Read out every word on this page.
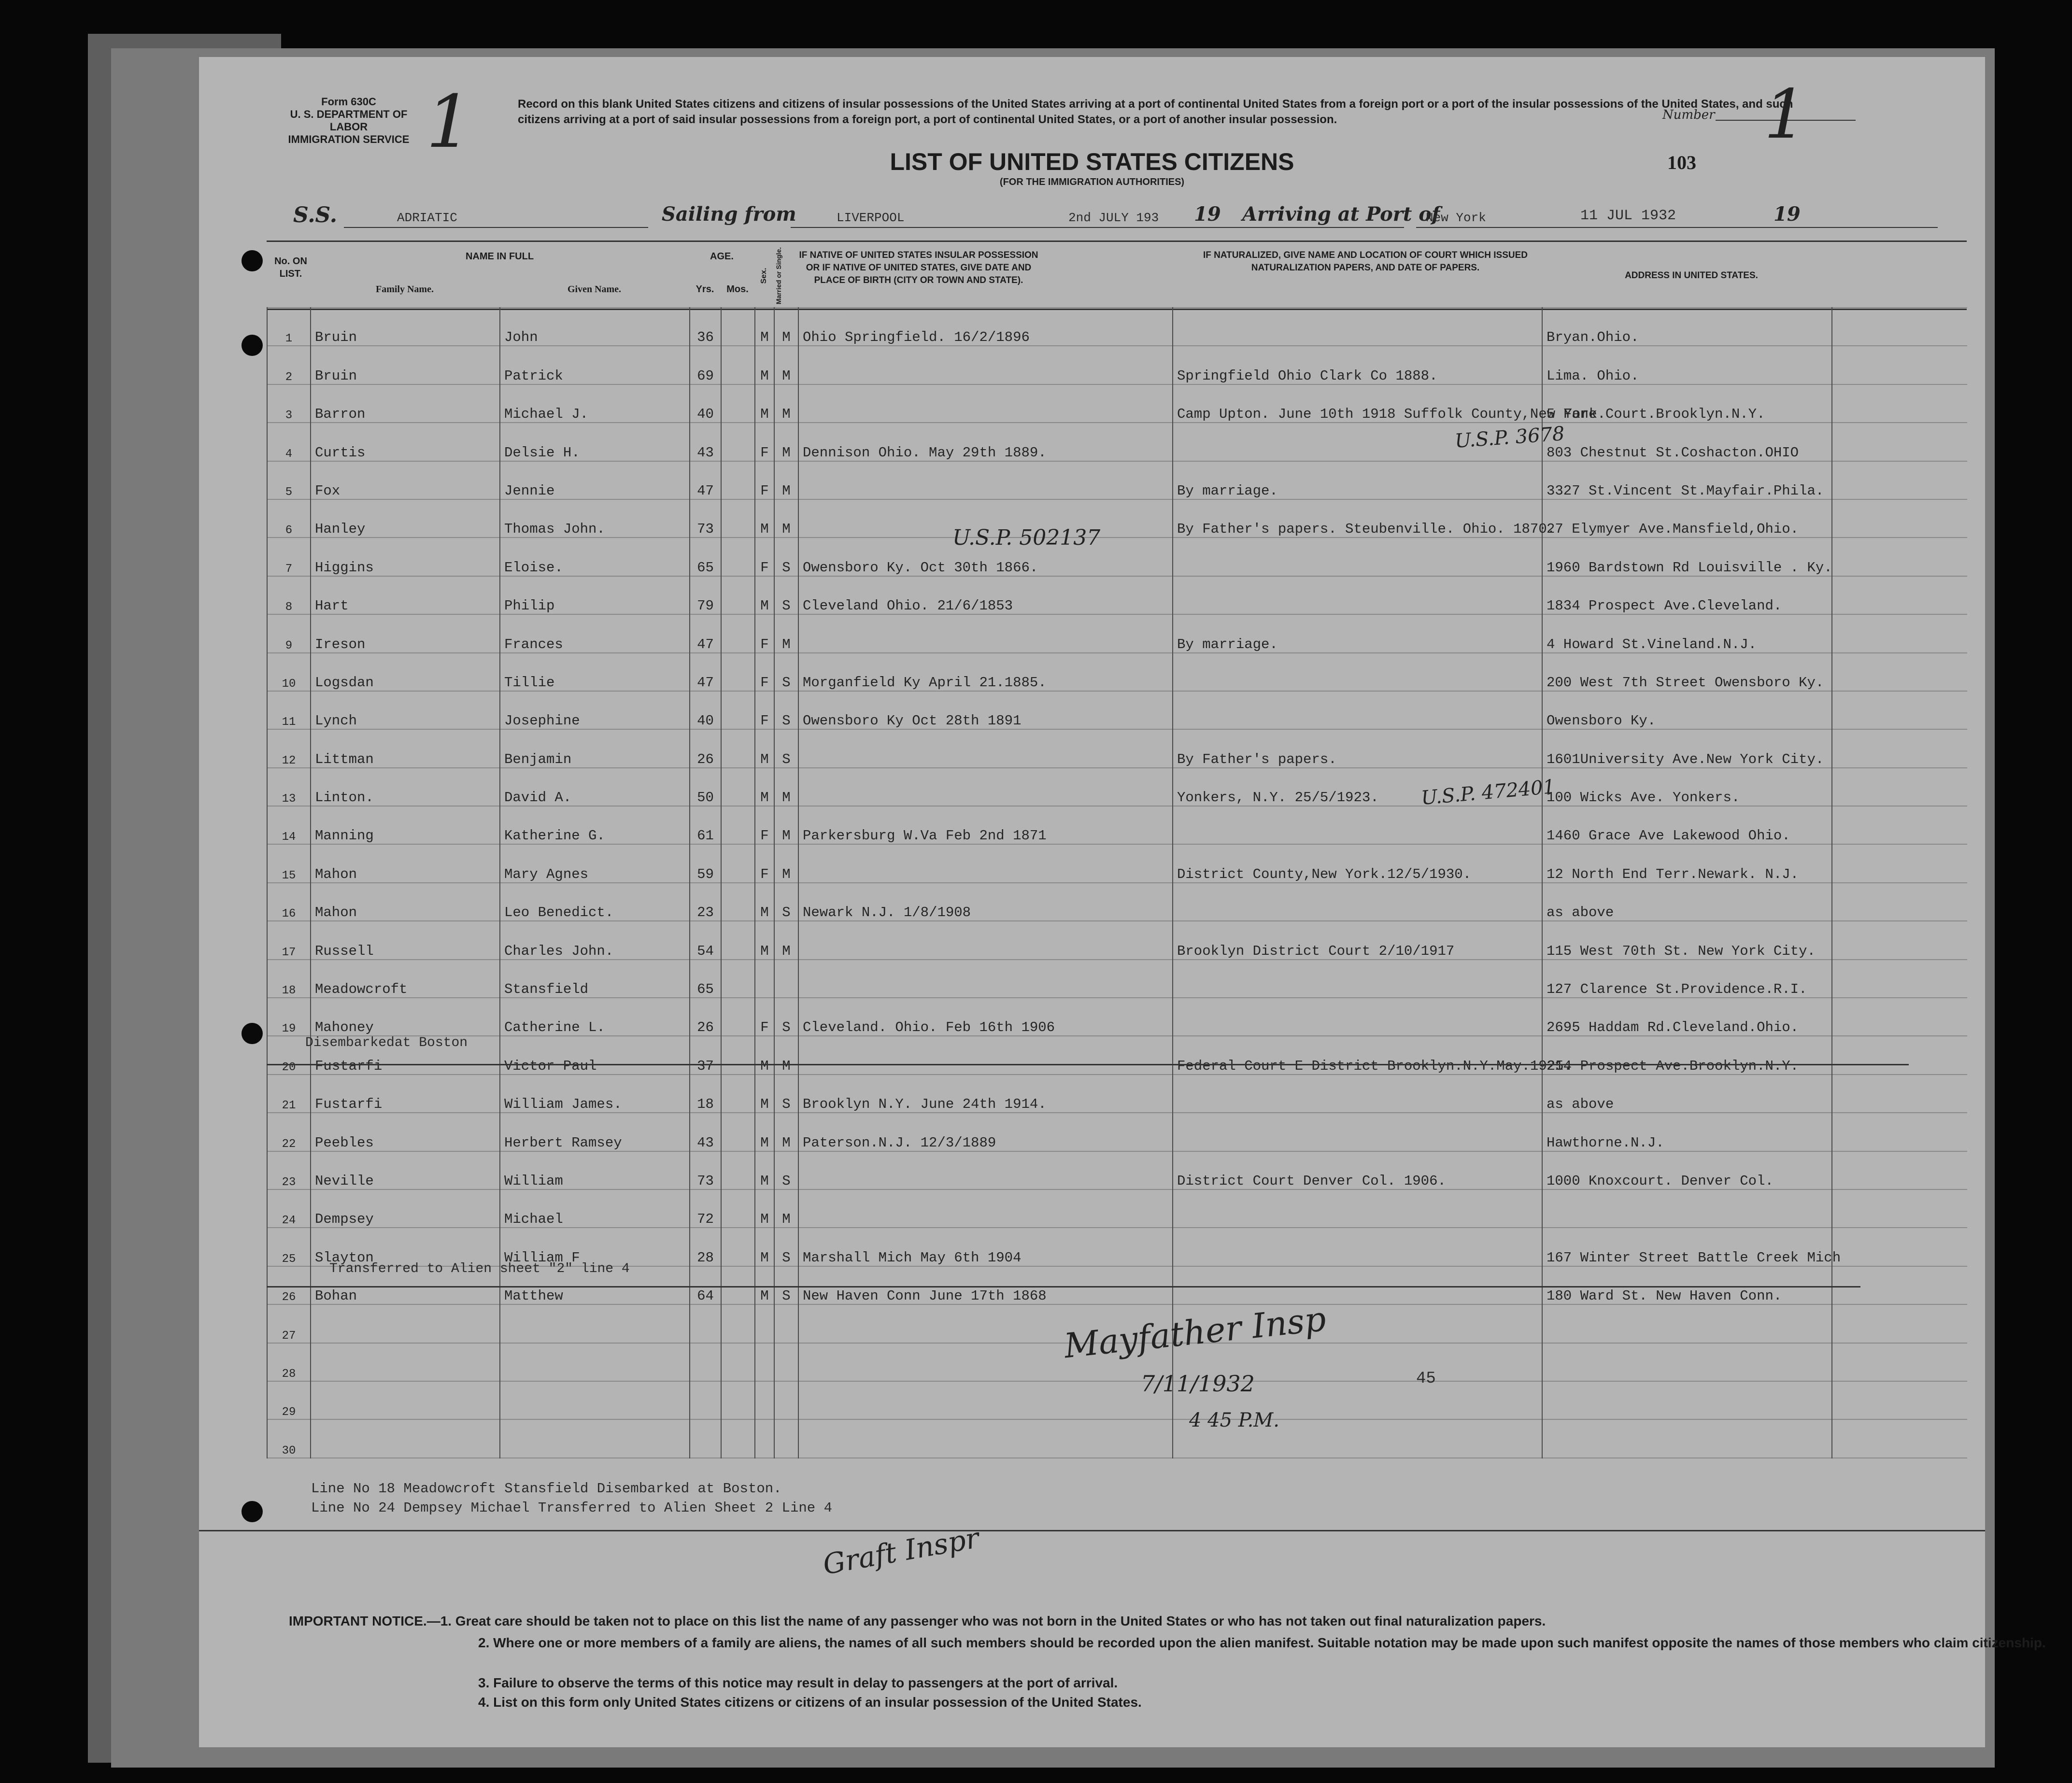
Form 630C
U. S. DEPARTMENT OF LABOR
IMMIGRATION SERVICE 1	Record on this blank United States citizens and citizens of insular possessions of the United States arriving at a port of continental United States from a foreign port or a port of the insular possessions of the United States, and such citizens arriving at a port of said insular possessions from a foreign port, a port of continental United States, or a port of another insular possession.	Number 1
LIST OF UNITED STATES CITIZENS
(FOR THE IMMIGRATION AUTHORITIES)
103
S.S.	ADRIATIC	Sailing from	LIVERPOOL	2nd JULY 193 19 Arriving at Port of
New York	11 JUL 1932	19
No. ON LIST.
NAME IN FULL
Family Name.	Given Name.
AGE.
Yrs.	Mos.
Sex.	Married or Single. IF NATIVE OF UNITED STATES INSULAR POSSESSION OR IF NATIVE OF UNITED STATES, GIVE DATE AND PLACE OF BIRTH (CITY OR TOWN AND STATE).
IF NATURALIZED, GIVE NAME AND LOCATION OF COURT WHICH ISSUED NATURALIZATION PAPERS, AND DATE OF PAPERS.
ADDRESS IN UNITED STATES.

1	Bruin	John	36		M	M	Ohio Springfield. 16/2/1896		Bryan.Ohio.	
2	Bruin	Patrick	69		M	M		Springfield Ohio Clark Co 1888.	Lima. Ohio.	
3	Barron	Michael J.	40		M	M		Camp Upton. June 10th 1918 Suffolk County,New York.	5 Fane Court.Brooklyn.N.Y.	
4	Curtis	Delsie H.	43		F	M	Dennison Ohio. May 29th 1889.		803 Chestnut St.Coshacton.OHIO	
5	Fox	Jennie	47		F	M		By marriage.	3327 St.Vincent St.Mayfair.Phila.	
6	Hanley	Thomas John.	73		M	M		By Father's papers. Steubenville. Ohio. 1870.	27 Elymyer Ave.Mansfield,Ohio.	
7	Higgins	Eloise.	65		F	S	Owensboro Ky. Oct 30th 1866.		1960 Bardstown Rd Louisville . Ky.	
8	Hart	Philip	79		M	S	Cleveland Ohio. 21/6/1853		1834 Prospect Ave.Cleveland.	
9	Ireson	Frances	47		F	M		By marriage.	4 Howard St.Vineland.N.J.	
10	Logsdan	Tillie	47		F	S	Morganfield Ky April 21.1885.		200 West 7th Street Owensboro Ky.	
11	Lynch	Josephine	40		F	S	Owensboro Ky Oct 28th 1891		Owensboro Ky.	
12	Littman	Benjamin	26		M	S		By Father's papers.	1601University Ave.New York City.	
13	Linton.	David A.	50		M	M		Yonkers, N.Y. 25/5/1923.	100 Wicks Ave. Yonkers.	
14	Manning	Katherine G.	61		F	M	Parkersburg W.Va Feb 2nd 1871		1460 Grace Ave Lakewood Ohio.	
15	Mahon	Mary Agnes	59		F	M		District County,New York.12/5/1930.	12 North End Terr.Newark. N.J.	
16	Mahon	Leo Benedict.	23		M	S	Newark N.J. 1/8/1908		as above	
17	Russell	Charles John.	54		M	M		Brooklyn District Court 2/10/1917	115 West 70th St. New York City.	
18	Meadowcroft	Stansfield	65						127 Clarence St.Providence.R.I.	
19	Mahoney	Catherine L.	26		F	S	Cleveland. Ohio. Feb 16th 1906		2695 Haddam Rd.Cleveland.Ohio.	
20	Fustarfi	Victor Paul	37		M	M		Federal Court E District Brooklyn.N.Y.May.1925.	214 Prospect Ave.Brooklyn.N.Y.	
21	Fustarfi	William James.	18		M	S	Brooklyn N.Y. June 24th 1914.		as above	
22	Peebles	Herbert Ramsey	43		M	M	Paterson.N.J. 12/3/1889		Hawthorne.N.J.	
23	Neville	William	73		M	S		District Court Denver Col. 1906.	1000 Knoxcourt. Denver Col.	
24	Dempsey	Michael	72		M	M				
25	Slayton	William F	28		M	S	Marshall Mich May 6th 1904		167 Winter Street Battle Creek Mich	
26	Bohan	Matthew	64		M	S	New Haven Conn June 17th 1868		180 Ward St. New Haven Conn.	
27										
28										
29										
30										
Disembarkedat Boston
Transferred to Alien sheet "2" line 4
U.S.P. 3678
U.S.P. 502137
U.S.P. 472401
Mayfather Insp
7/11/1932
4 45 P.M.
45
Line No 18 Meadowcroft Stansfield Disembarked at Boston.
Line No 24 Dempsey Michael Transferred to Alien Sheet 2 Line 4
Graft Inspr
IMPORTANT NOTICE.—1. Great care should be taken not to place on this list the name of any passenger who was not born in the United States or who has not taken out final naturalization papers.
2. Where one or more members of a family are aliens, the names of all such members should be recorded upon the alien manifest. Suitable notation may be made upon such manifest opposite the names of those members who claim citizenship.
3. Failure to observe the terms of this notice may result in delay to passengers at the port of arrival.
4. List on this form only United States citizens or citizens of an insular possession of the United States.
